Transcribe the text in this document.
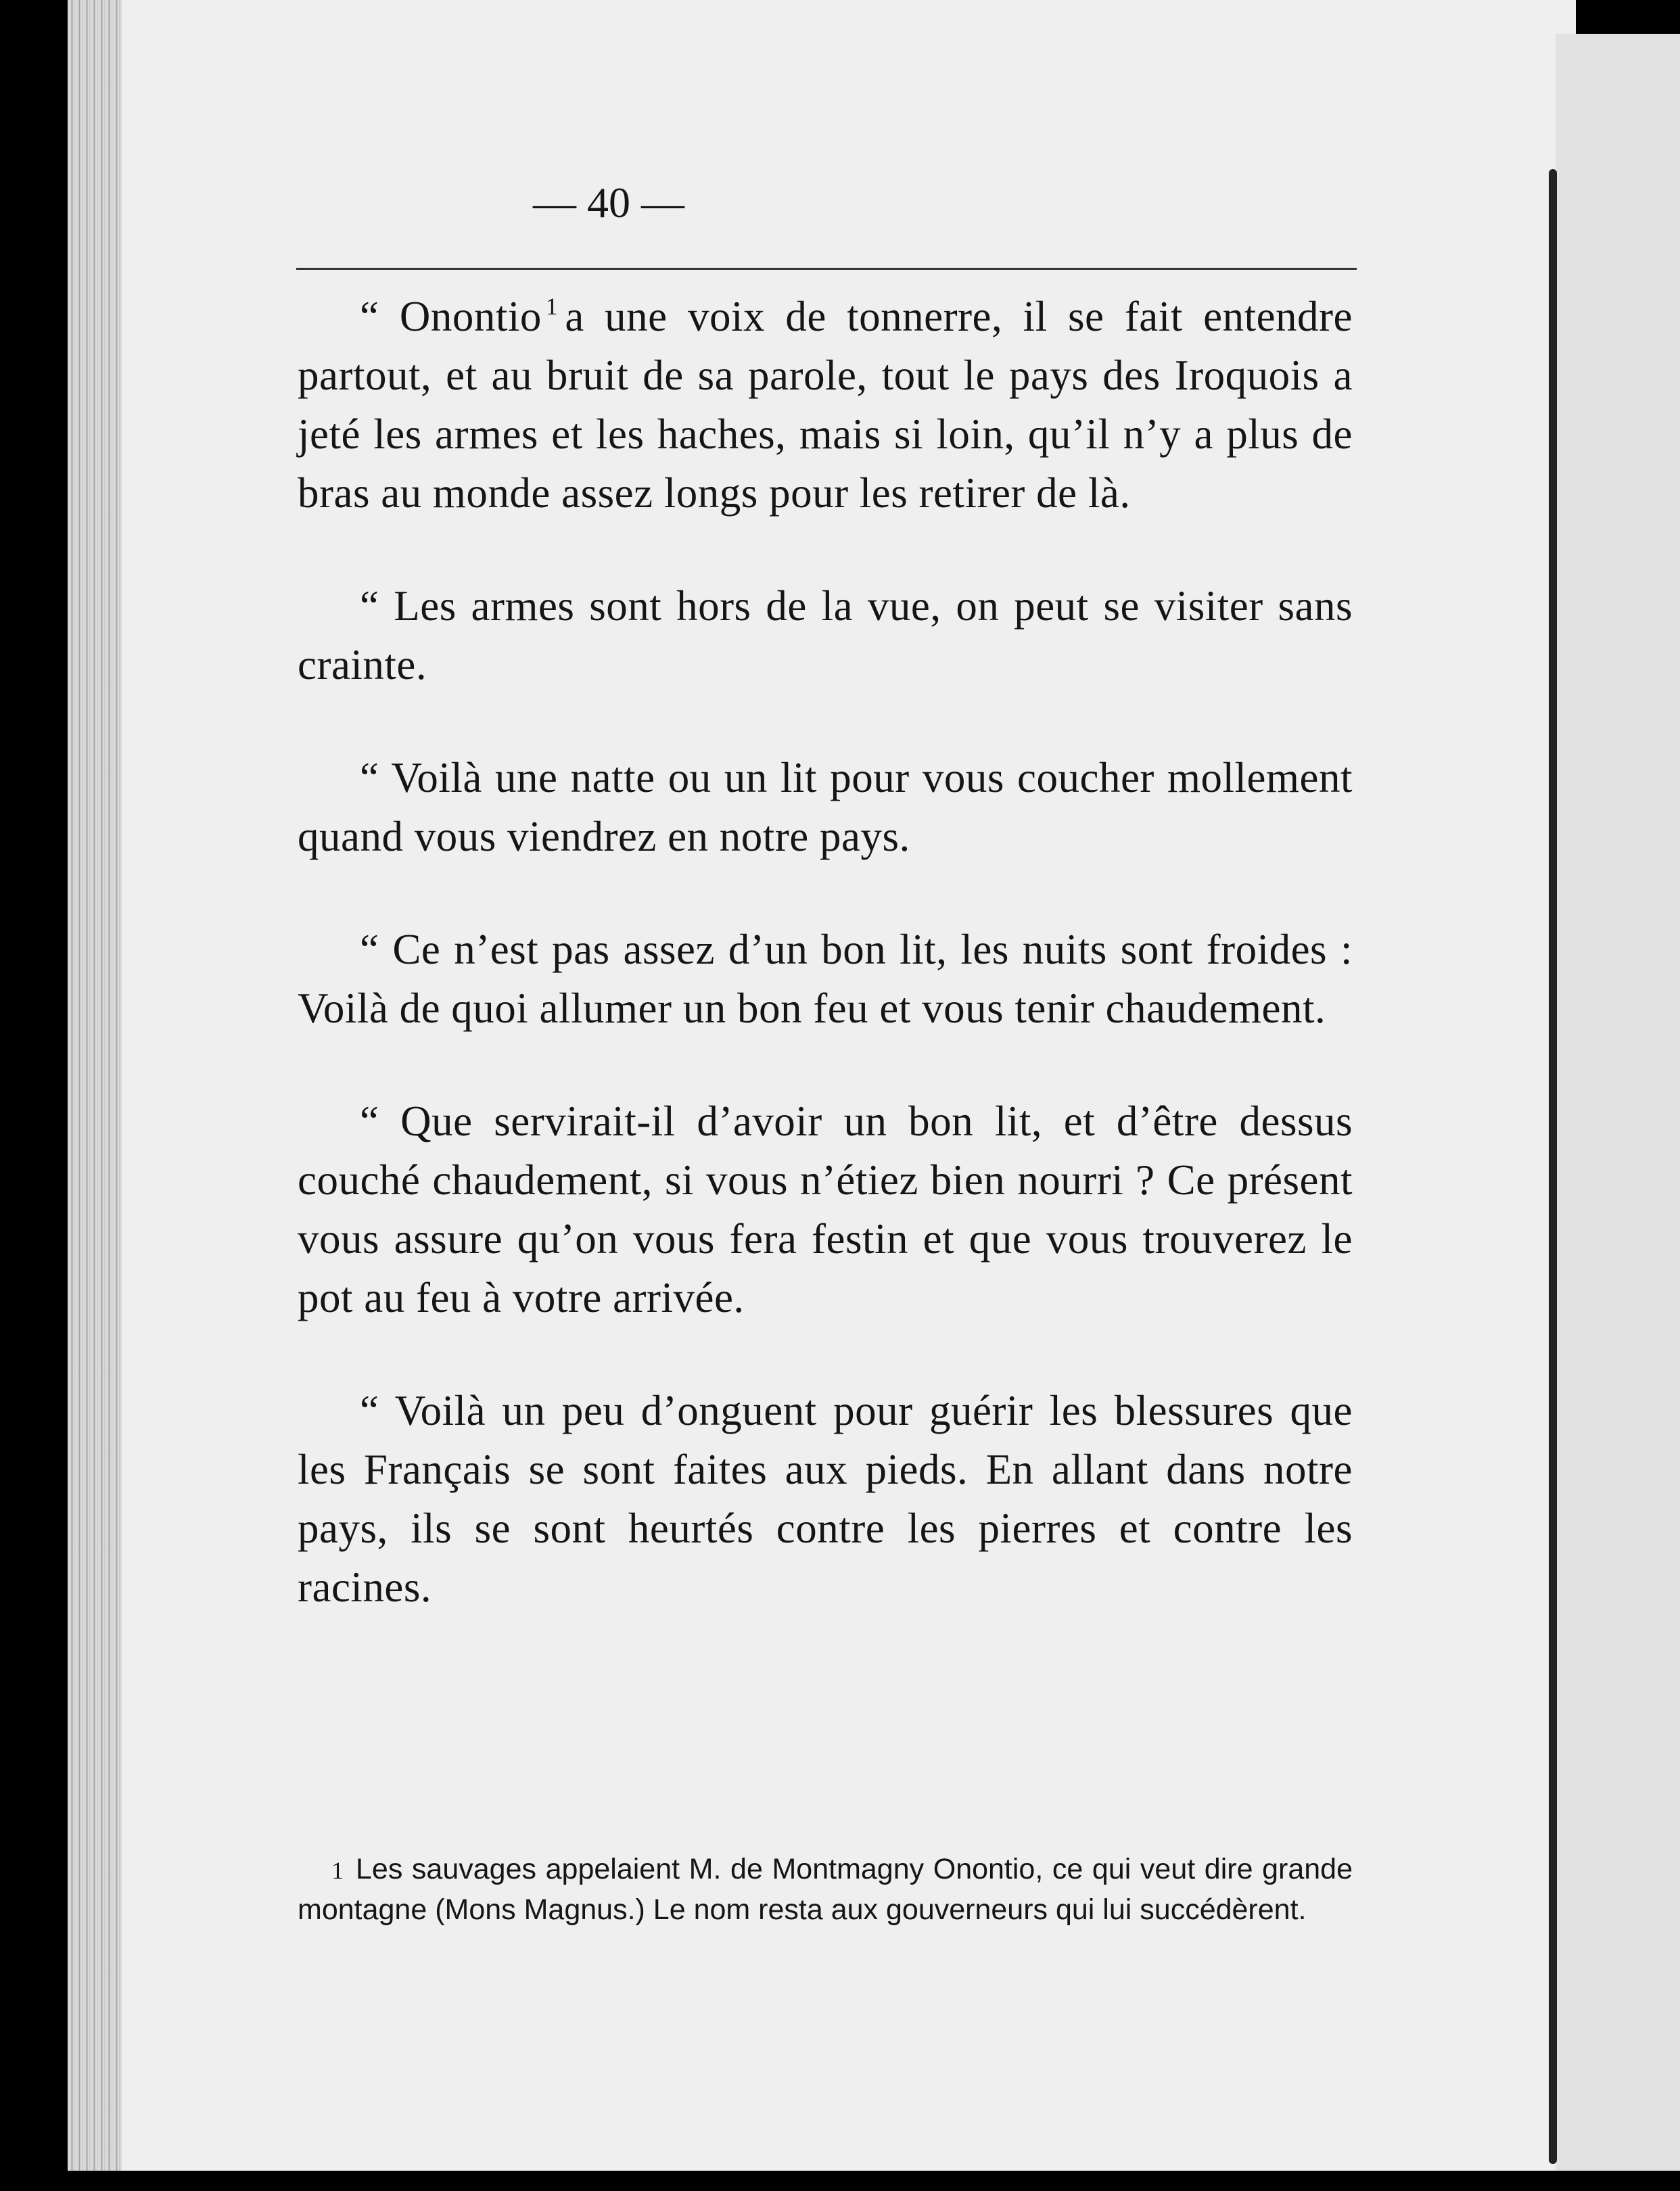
— 40 —

“ Onontio $^1$ a une voix de tonnerre, il se fait entendre partout, et au bruit de sa parole, tout le pays des Iroquois a jeté les armes et les haches, mais si loin, qu’il n’y a plus de bras au monde assez longs pour les retirer de là.

“ Les armes sont hors de la vue, on peut se visiter sans crainte.

“ Voilà une natte ou un lit pour vous coucher mollement quand vous viendrez en notre pays.

“ Ce n’est pas assez d’un bon lit, les nuits sont froides : Voilà de quoi allumer un bon feu et vous tenir chaudement.

“ Que servirait-il d’avoir un bon lit, et d’être dessus couché chaudement, si vous n’étiez bien nourri ? Ce présent vous assure qu’on vous fera festin et que vous trouverez le pot au feu à votre arrivée.

“ Voilà un peu d’onguent pour guérir les blessures que les Français se sont faites aux pieds. En allant dans notre pays, ils se sont heurtés contre les pierres et contre les racines.

1 Les sauvages appelaient M. de Montmagny Onontio, ce qui veut dire grande montagne (Mons Magnus.) Le nom resta aux gouverneurs qui lui succédèrent.
